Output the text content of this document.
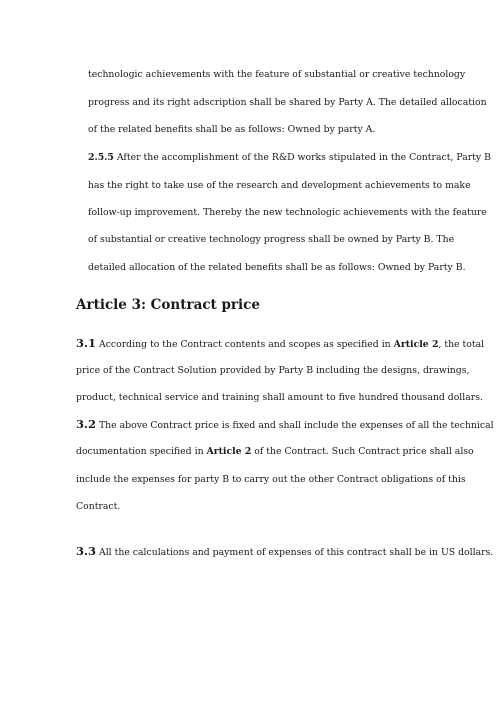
technologic achievements with the feature of substantial or creative technology
progress and its right adscription shall be shared by Party A. The detailed allocation
of the related benefits shall be as follows: Owned by party A.
2.5.5 After the accomplishment of the R&D works stipulated in the Contract, Party B
has the right to take use of the research and development achievements to make
follow-up improvement. Thereby the new technologic achievements with the feature
of substantial or creative technology progress shall be owned by Party B. The
detailed allocation of the related benefits shall be as follows: Owned by Party B.
Article 3: Contract price
3.1 According to the Contract contents and scopes as specified in Article 2, the total
price of the Contract Solution provided by Party B including the designs, drawings,
product, technical service and training shall amount to five hundred thousand dollars.
3.2 The above Contract price is fixed and shall include the expenses of all the technical
documentation specified in Article 2 of the Contract. Such Contract price shall also
include the expenses for party B to carry out the other Contract obligations of this
Contract.
3.3 All the calculations and payment of expenses of this contract shall be in US dollars.
